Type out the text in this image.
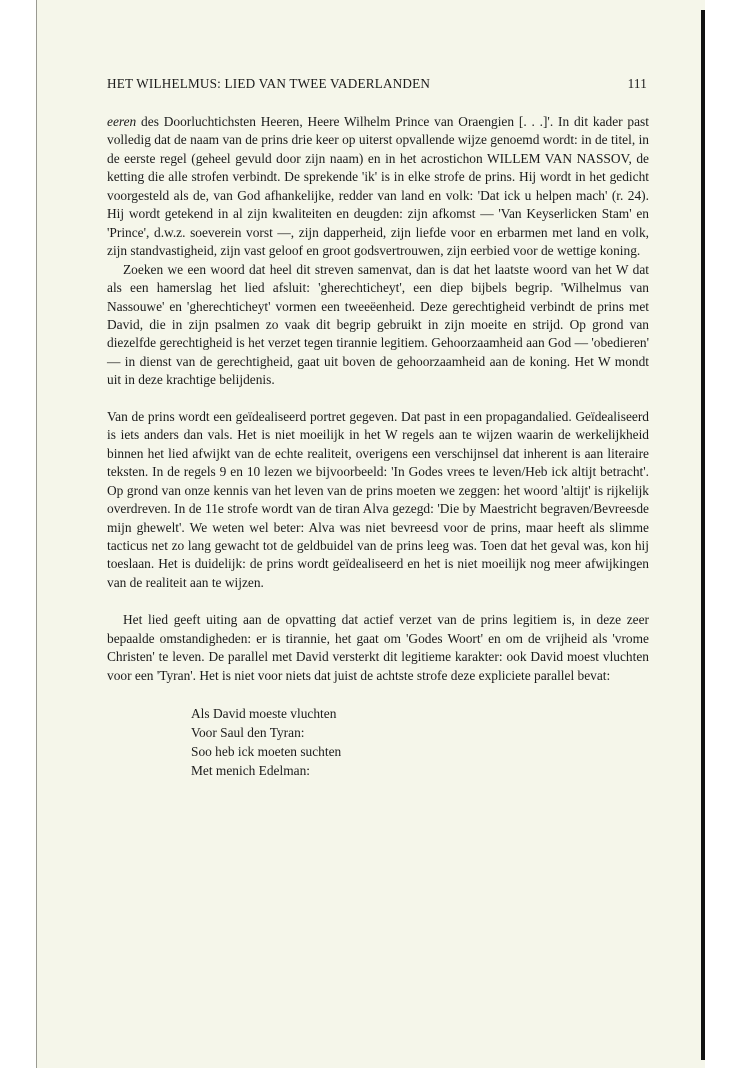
HET WILHELMUS: LIED VAN TWEE VADERLANDEN	111

eeren des Doorluchtichsten Heeren, Heere Wilhelm Prince van Oraengien [. . .]'. In dit kader past volledig dat de naam van de prins drie keer op uiterst opvallende wijze genoemd wordt: in de titel, in de eerste regel (geheel gevuld door zijn naam) en in het acrostichon WILLEM VAN NASSOV, de ketting die alle strofen verbindt. De sprekende 'ik' is in elke strofe de prins. Hij wordt in het gedicht voorgesteld als de, van God afhankelijke, redder van land en volk: 'Dat ick u helpen mach' (r. 24). Hij wordt getekend in al zijn kwaliteiten en deugden: zijn afkomst — 'Van Keyserlicken Stam' en 'Prince', d.w.z. soeverein vorst —, zijn dapperheid, zijn liefde voor en erbarmen met land en volk, zijn standvastigheid, zijn vast geloof en groot godsvertrouwen, zijn eerbied voor de wettige koning.

Zoeken we een woord dat heel dit streven samenvat, dan is dat het laatste woord van het W dat als een hamerslag het lied afsluit: 'gherechticheyt', een diep bijbels begrip. 'Wilhelmus van Nassouwe' en 'gherechticheyt' vormen een tweeëenheid. Deze gerechtigheid verbindt de prins met David, die in zijn psalmen zo vaak dit begrip gebruikt in zijn moeite en strijd. Op grond van diezelfde gerechtigheid is het verzet tegen tirannie legitiem. Gehoorzaamheid aan God — 'obedieren' — in dienst van de gerechtigheid, gaat uit boven de gehoorzaamheid aan de koning. Het W mondt uit in deze krachtige belijdenis.

Van de prins wordt een geïdealiseerd portret gegeven. Dat past in een propagandalied. Geïdealiseerd is iets anders dan vals. Het is niet moeilijk in het W regels aan te wijzen waarin de werkelijkheid binnen het lied afwijkt van de echte realiteit, overigens een verschijnsel dat inherent is aan literaire teksten. In de regels 9 en 10 lezen we bijvoorbeeld: 'In Godes vrees te leven/Heb ick altijt betracht'. Op grond van onze kennis van het leven van de prins moeten we zeggen: het woord 'altijt' is rijkelijk overdreven. In de 11e strofe wordt van de tiran Alva gezegd: 'Die by Maestricht begraven/Bevreesde mijn ghewelt'. We weten wel beter: Alva was niet bevreesd voor de prins, maar heeft als slimme tacticus net zo lang gewacht tot de geldbuidel van de prins leeg was. Toen dat het geval was, kon hij toeslaan. Het is duidelijk: de prins wordt geïdealiseerd en het is niet moeilijk nog meer afwijkingen van de realiteit aan te wijzen.

Het lied geeft uiting aan de opvatting dat actief verzet van de prins legitiem is, in deze zeer bepaalde omstandigheden: er is tirannie, het gaat om 'Godes Woort' en om de vrijheid als 'vrome Christen' te leven. De parallel met David versterkt dit legitieme karakter: ook David moest vluchten voor een 'Tyran'. Het is niet voor niets dat juist de achtste strofe deze expliciete parallel bevat:

Als David moeste vluchten
Voor Saul den Tyran:
Soo heb ick moeten suchten
Met menich Edelman:
